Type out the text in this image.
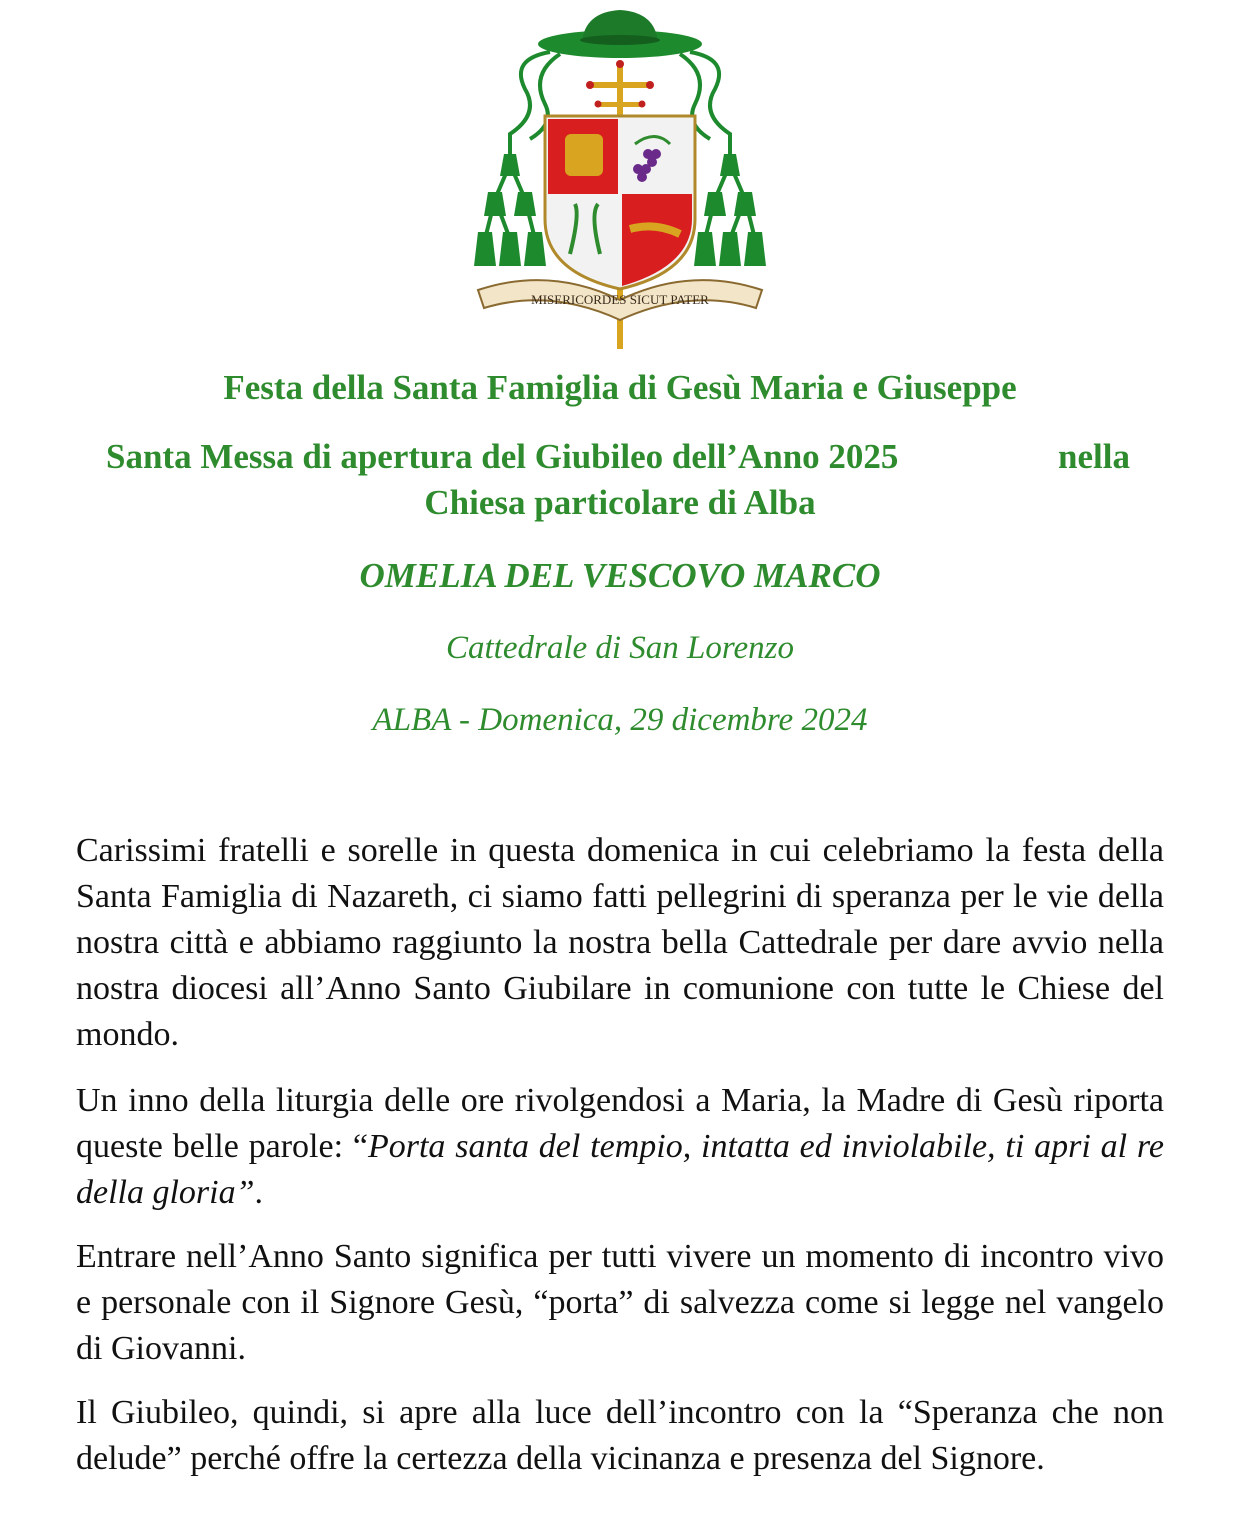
MISERICORDES SICUT PATER
Festa della Santa Famiglia di Gesù Maria e Giuseppe
Santa Messa di apertura del Giubileo dell’Anno 2025	nella
Chiesa particolare di Alba
OMELIA DEL VESCOVO MARCO
Cattedrale di San Lorenzo
ALBA - Domenica, 29 dicembre 2024

Carissimi fratelli e sorelle in questa domenica in cui celebriamo la festa della Santa Famiglia di Nazareth, ci siamo fatti pellegrini di speranza per le vie della nostra città e abbiamo raggiunto la nostra bella Cattedrale per dare avvio nella nostra diocesi all’Anno Santo Giubilare in comunione con tutte le Chiese del mondo.

Un inno della liturgia delle ore rivolgendosi a Maria, la Madre di Gesù riporta queste belle parole: “Porta santa del tempio, intatta ed inviolabile, ti apri al re della gloria”.

Entrare nell’Anno Santo significa per tutti vivere un momento di incontro vivo e personale con il Signore Gesù, “porta” di salvezza come si legge nel vangelo di Giovanni.

Il Giubileo, quindi, si apre alla luce dell’incontro con la “Speranza che non delude” perché offre la certezza della vicinanza e presenza del Signore.
